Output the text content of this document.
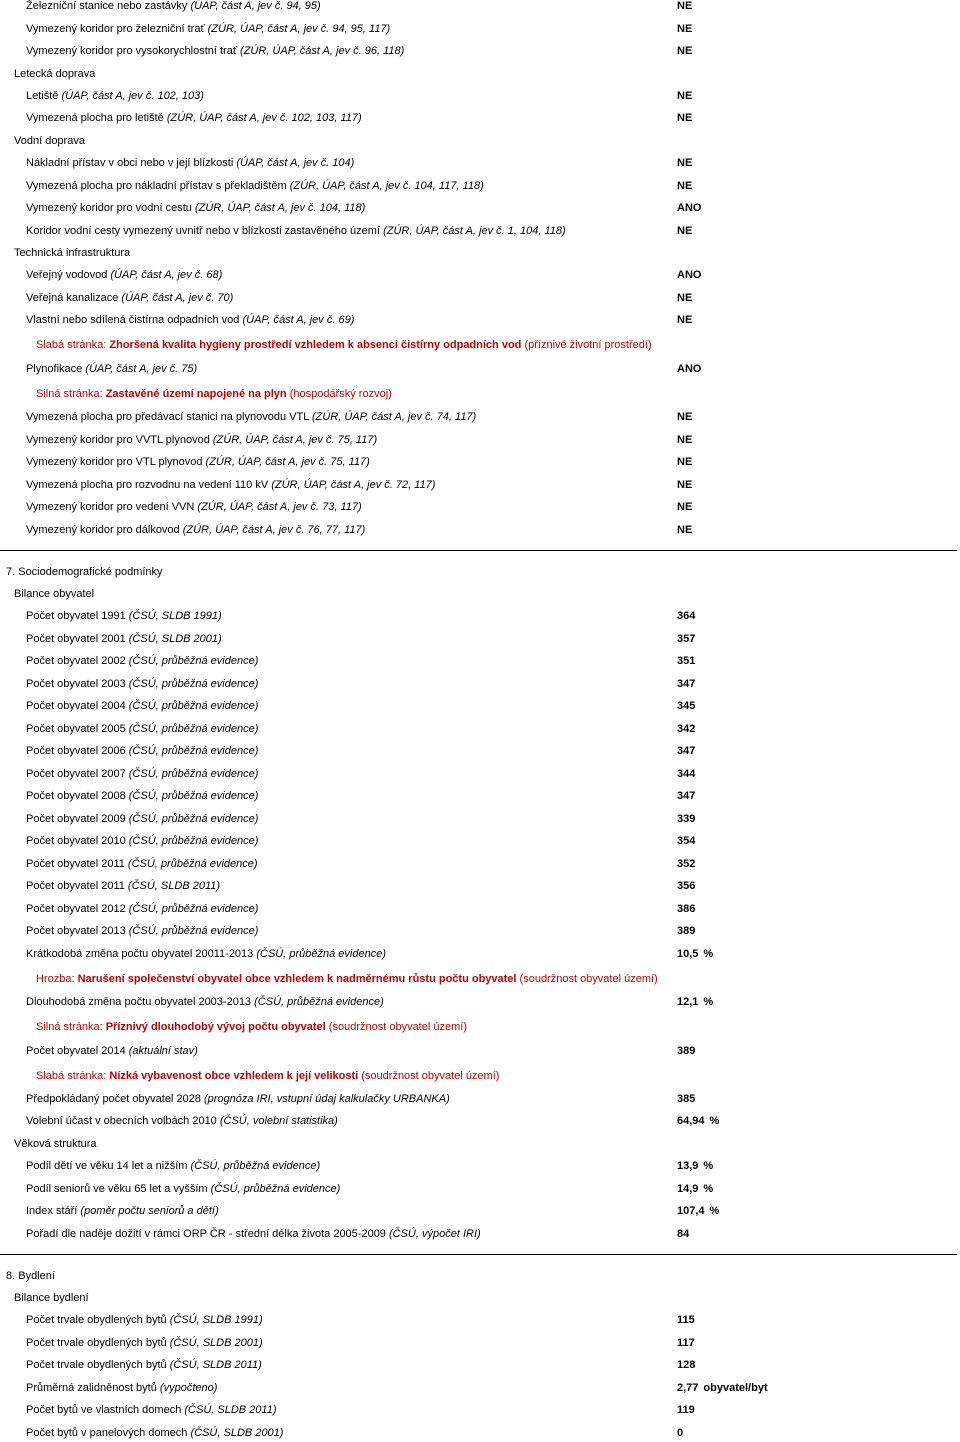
Železniční stanice nebo zastávky (ÚAP, část A, jev č. 94, 95)	NE
Vymezený koridor pro železniční trať (ZÚR, ÚAP, část A, jev č. 94, 95, 117)	NE
Vymezený koridor pro vysokorychlostní trať (ZÚR, ÚAP, část A, jev č. 96, 118)	NE
Letecká doprava
Letiště (ÚAP, část A, jev č. 102, 103)	NE
Vymezená plocha pro letiště (ZÚR, ÚAP, část A, jev č. 102, 103, 117)	NE
Vodní doprava
Nákladní přístav v obci nebo v její blízkosti (ÚAP, část A, jev č. 104)	NE
Vymezená plocha pro nákladní přístav s překladištěm (ZÚR, ÚAP, část A, jev č. 104, 117, 118)	NE
Vymezený koridor pro vodní cestu (ZÚR, ÚAP, část A, jev č. 104, 118)	ANO
Koridor vodní cesty vymezený uvnitř nebo v blízkosti zastavěného území (ZÚR, ÚAP, část A, jev č. 1, 104, 118)	NE
Technická infrastruktura
Veřejný vodovod (ÚAP, část A, jev č. 68)	ANO
Veřejná kanalizace (ÚAP, část A, jev č. 70)	NE
Vlastní nebo sdílená čistírna odpadních vod (ÚAP, část A, jev č. 69)	NE
Slabá stránka: Zhoršená kvalita hygieny prostředí vzhledem k absenci čistírny odpadních vod (příznivé životní prostředí)
Plynofikace (ÚAP, část A, jev č. 75)	ANO
Silná stránka: Zastavěné území napojené na plyn (hospodářský rozvoj)
Vymezená plocha pro předávací stanici na plynovodu VTL (ZÚR, ÚAP, část A, jev č. 74, 117)	NE
Vymezený koridor pro VVTL plynovod (ZÚR, ÚAP, část A, jev č. 75, 117)	NE
Vymezený koridor pro VTL plynovod (ZÚR, ÚAP, část A, jev č. 75, 117)	NE
Vymezená plocha pro rozvodnu na vedení 110 kV (ZÚR, ÚAP, část A, jev č. 72, 117)	NE
Vymezený koridor pro vedení VVN (ZÚR, ÚAP, část A, jev č. 73, 117)	NE
Vymezený koridor pro dálkovod (ZÚR, ÚAP, část A, jev č. 76, 77, 117)	NE
7. Sociodemografické podmínky
Bilance obyvatel
Počet obyvatel 1991 (ČSÚ, SLDB 1991)	364
Počet obyvatel 2001 (ČSÚ, SLDB 2001)	357
Počet obyvatel 2002 (ČSÚ, průběžná evidence)	351
Počet obyvatel 2003 (ČSÚ, průběžná evidence)	347
Počet obyvatel 2004 (ČSÚ, průběžná evidence)	345
Počet obyvatel 2005 (ČSÚ, průběžná evidence)	342
Počet obyvatel 2006 (ČSÚ, průběžná evidence)	347
Počet obyvatel 2007 (ČSÚ, průběžná evidence)	344
Počet obyvatel 2008 (ČSÚ, průběžná evidence)	347
Počet obyvatel 2009 (ČSÚ, průběžná evidence)	339
Počet obyvatel 2010 (ČSÚ, průběžná evidence)	354
Počet obyvatel 2011 (ČSÚ, průběžná evidence)	352
Počet obyvatel 2011 (ČSÚ, SLDB 2011)	356
Počet obyvatel 2012 (ČSÚ, průběžná evidence)	386
Počet obyvatel 2013 (ČSÚ, průběžná evidence)	389
Krátkodobá změna počtu obyvatel 20011-2013 (ČSÚ, průběžná evidence)	10,5 %
Hrozba: Narušení společenství obyvatel obce vzhledem k nadměrnému růstu počtu obyvatel (soudržnost obyvatel území)
Dlouhodobá změna počtu obyvatel 2003-2013 (ČSÚ, průběžná evidence)	12,1 %
Silná stránka: Příznivý dlouhodobý vývoj počtu obyvatel (soudržnost obyvatel území)
Počet obyvatel 2014 (aktuální stav)	389
Slabá stránka: Nízká vybavenost obce vzhledem k její velikosti (soudržnost obyvatel území)
Předpokládaný počet obyvatel 2028 (prognóza IRI, vstupní údaj kalkulačky URBANKA)	385
Volební účast v obecních volbách 2010 (ČSÚ, volební statistika)	64,94 %
Věková struktura
Podíl dětí ve věku 14 let a nižším (ČSÚ, průběžná evidence)	13,9 %
Podíl seniorů ve věku 65 let a vyšším (ČSÚ, průběžná evidence)	14,9 %
Index stáří (poměr počtu seniorů a dětí)	107,4 %
Pořadí dle naděje dožití v rámci ORP ČR - střední délka života 2005-2009 (ČSÚ, výpočet IRI)	84
8. Bydlení
Bilance bydlení
Počet trvale obydlených bytů (ČSÚ, SLDB 1991)	115
Počet trvale obydlených bytů (ČSÚ, SLDB 2001)	117
Počet trvale obydlených bytů (ČSÚ, SLDB 2011)	128
Průměrná zalidněnost bytů (vypočteno)	2,77 obyvatel/byt
Počet bytů ve vlastních domech (ČSÚ, SLDB 2011)	119
Počet bytů v panelových domech (ČSÚ, SLDB 2001)	0
